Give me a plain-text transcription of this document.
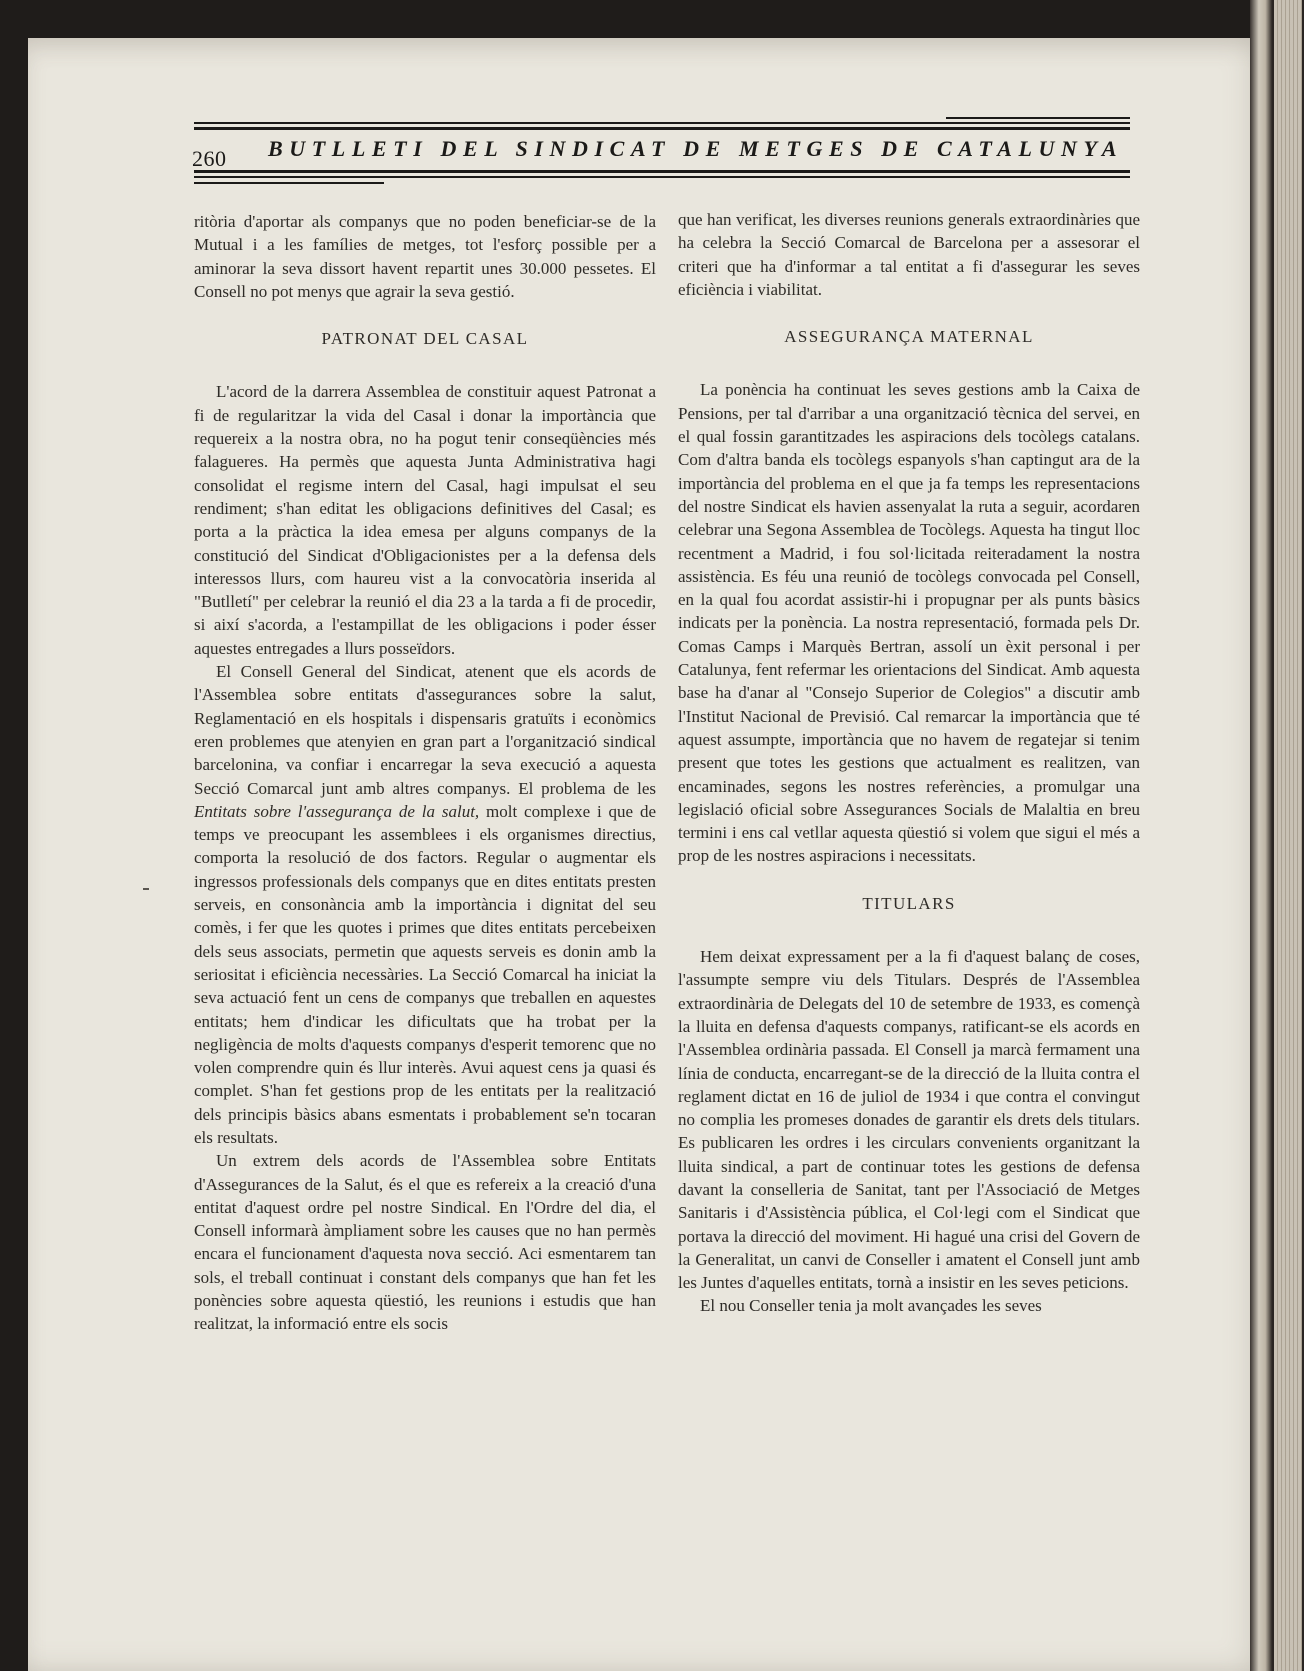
260 BUTLLETI DEL SINDICAT DE METGES DE CATALUNYA

ritòria d'aportar als companys que no poden beneficiar-se de la Mutual i a les famílies de metges, tot l'esforç possible per a aminorar la seva dissort havent repartit unes 30.000 pessetes. El Consell no pot menys que agrair la seva gestió.

PATRONAT DEL CASAL

L'acord de la darrera Assemblea de constituir aquest Patronat a fi de regularitzar la vida del Casal i donar la importància que requereix a la nostra obra, no ha pogut tenir conseqüències més falagueres. Ha permès que aquesta Junta Administrativa hagi consolidat el regisme intern del Casal, hagi impulsat el seu rendiment; s'han editat les obligacions definitives del Casal; es porta a la pràctica la idea emesa per alguns companys de la constitució del Sindicat d'Obligacionistes per a la defensa dels interessos llurs, com haureu vist a la convocatòria inserida al "Butlletí" per celebrar la reunió el dia 23 a la tarda a fi de procedir, si així s'acorda, a l'estampillat de les obligacions i poder ésser aquestes entregades a llurs posseïdors.

El Consell General del Sindicat, atenent que els acords de l'Assemblea sobre entitats d'assegurances sobre la salut, Reglamentació en els hospitals i dispensaris gratuïts i econòmics eren problemes que atenyien en gran part a l'organització sindical barcelonina, va confiar i encarregar la seva execució a aquesta Secció Comarcal junt amb altres companys. El problema de les Entitats sobre l'assegurança de la salut, molt complexe i que de temps ve preocupant les assemblees i els organismes directius, comporta la resolució de dos factors. Regular o augmentar els ingressos professionals dels companys que en dites entitats presten serveis, en consonància amb la importància i dignitat del seu comès, i fer que les quotes i primes que dites entitats percebeixen dels seus associats, permetin que aquests serveis es donin amb la seriositat i eficiència necessàries. La Secció Comarcal ha iniciat la seva actuació fent un cens de companys que treballen en aquestes entitats; hem d'indicar les dificultats que ha trobat per la negligència de molts d'aquests companys d'esperit temorenc que no volen comprendre quin és llur interès. Avui aquest cens ja quasi és complet. S'han fet gestions prop de les entitats per la realització dels principis bàsics abans esmentats i probablement se'n tocaran els resultats.

Un extrem dels acords de l'Assemblea sobre Entitats d'Assegurances de la Salut, és el que es refereix a la creació d'una entitat d'aquest ordre pel nostre Sindical. En l'Ordre del dia, el Consell informarà àmpliament sobre les causes que no han permès encara el funcionament d'aquesta nova secció. Aci esmentarem tan sols, el treball continuat i constant dels companys que han fet les ponències sobre aquesta qüestió, les reunions i estudis que han realitzat, la informació entre els socis

que han verificat, les diverses reunions generals extraordinàries que ha celebra la Secció Comarcal de Barcelona per a assesorar el criteri que ha d'informar a tal entitat a fi d'assegurar les seves eficiència i viabilitat.

ASSEGURANÇA MATERNAL

La ponència ha continuat les seves gestions amb la Caixa de Pensions, per tal d'arribar a una organització tècnica del servei, en el qual fossin garantitzades les aspiracions dels tocòlegs catalans. Com d'altra banda els tocòlegs espanyols s'han captingut ara de la importància del problema en el que ja fa temps les representacions del nostre Sindicat els havien assenyalat la ruta a seguir, acordaren celebrar una Segona Assemblea de Tocòlegs. Aquesta ha tingut lloc recentment a Madrid, i fou sol·licitada reiteradament la nostra assistència. Es féu una reunió de tocòlegs convocada pel Consell, en la qual fou acordat assistir-hi i propugnar per als punts bàsics indicats per la ponència. La nostra representació, formada pels Dr. Comas Camps i Marquès Bertran, assolí un èxit personal i per Catalunya, fent refermar les orientacions del Sindicat. Amb aquesta base ha d'anar al "Consejo Superior de Colegios" a discutir amb l'Institut Nacional de Previsió. Cal remarcar la importància que té aquest assumpte, importància que no havem de regatejar si tenim present que totes les gestions que actualment es realitzen, van encaminades, segons les nostres referències, a promulgar una legislació oficial sobre Assegurances Socials de Malaltia en breu termini i ens cal vetllar aquesta qüestió si volem que sigui el més a prop de les nostres aspiracions i necessitats.

TITULARS

Hem deixat expressament per a la fi d'aquest balanç de coses, l'assumpte sempre viu dels Titulars. Després de l'Assemblea extraordinària de Delegats del 10 de setembre de 1933, es començà la lluita en defensa d'aquests companys, ratificant-se els acords en l'Assemblea ordinària passada. El Consell ja marcà fermament una línia de conducta, encarregant-se de la direcció de la lluita contra el reglament dictat en 16 de juliol de 1934 i que contra el convingut no complia les promeses donades de garantir els drets dels titulars. Es publicaren les ordres i les circulars convenients organitzant la lluita sindical, a part de continuar totes les gestions de defensa davant la conselleria de Sanitat, tant per l'Associació de Metges Sanitaris i d'Assistència pública, el Col·legi com el Sindicat que portava la direcció del moviment. Hi hagué una crisi del Govern de la Generalitat, un canvi de Conseller i amatent el Consell junt amb les Juntes d'aquelles entitats, tornà a insistir en les seves peticions.

El nou Conseller tenia ja molt avançades les seves
